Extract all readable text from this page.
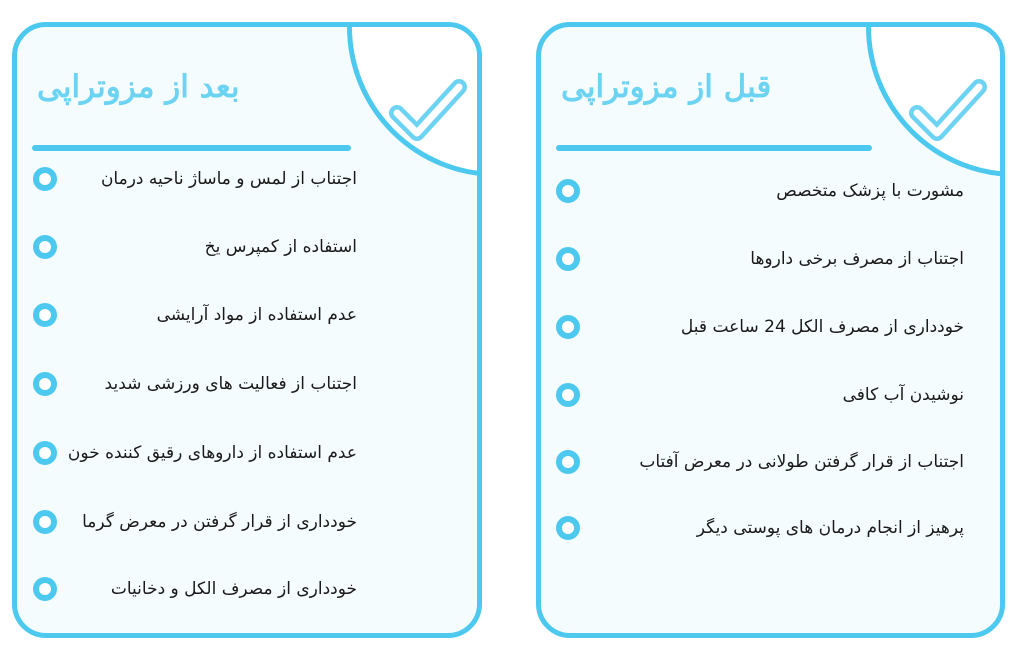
بعد از مزوتراپی
اجتناب از لمس و ماساژ ناحیه درمان
استفاده از کمپرس یخ
عدم استفاده از مواد آرایشی
اجتناب از فعالیت های ورزشی شدید
عدم استفاده از داروهای رقیق کننده خون
خودداری از قرار گرفتن در معرض گرما
خودداری از مصرف الکل و دخانیات
قبل از مزوتراپی
مشورت با پزشک متخصص
اجتناب از مصرف برخی داروها
خودداری از مصرف الکل 24 ساعت قبل
نوشیدن آب کافی
اجتناب از قرار گرفتن طولانی در معرض آفتاب
پرهیز از انجام درمان های پوستی دیگر
